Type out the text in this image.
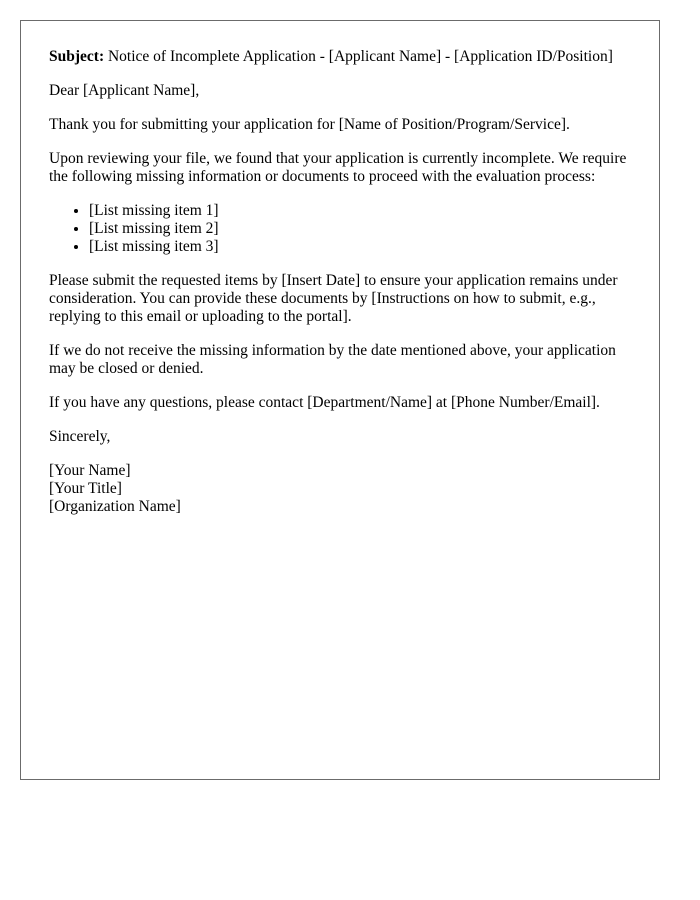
Subject: Notice of Incomplete Application - [Applicant Name] - [Application ID/Position]

Dear [Applicant Name],

Thank you for submitting your application for [Name of Position/Program/Service].

Upon reviewing your file, we found that your application is currently incomplete. We require the following missing information or documents to proceed with the evaluation process:

• [List missing item 1]
• [List missing item 2]
• [List missing item 3]

Please submit the requested items by [Insert Date] to ensure your application remains under consideration. You can provide these documents by [Instructions on how to submit, e.g., replying to this email or uploading to the portal].

If we do not receive the missing information by the date mentioned above, your application may be closed or denied.

If you have any questions, please contact [Department/Name] at [Phone Number/Email].

Sincerely,

[Your Name]
[Your Title]
[Organization Name]
